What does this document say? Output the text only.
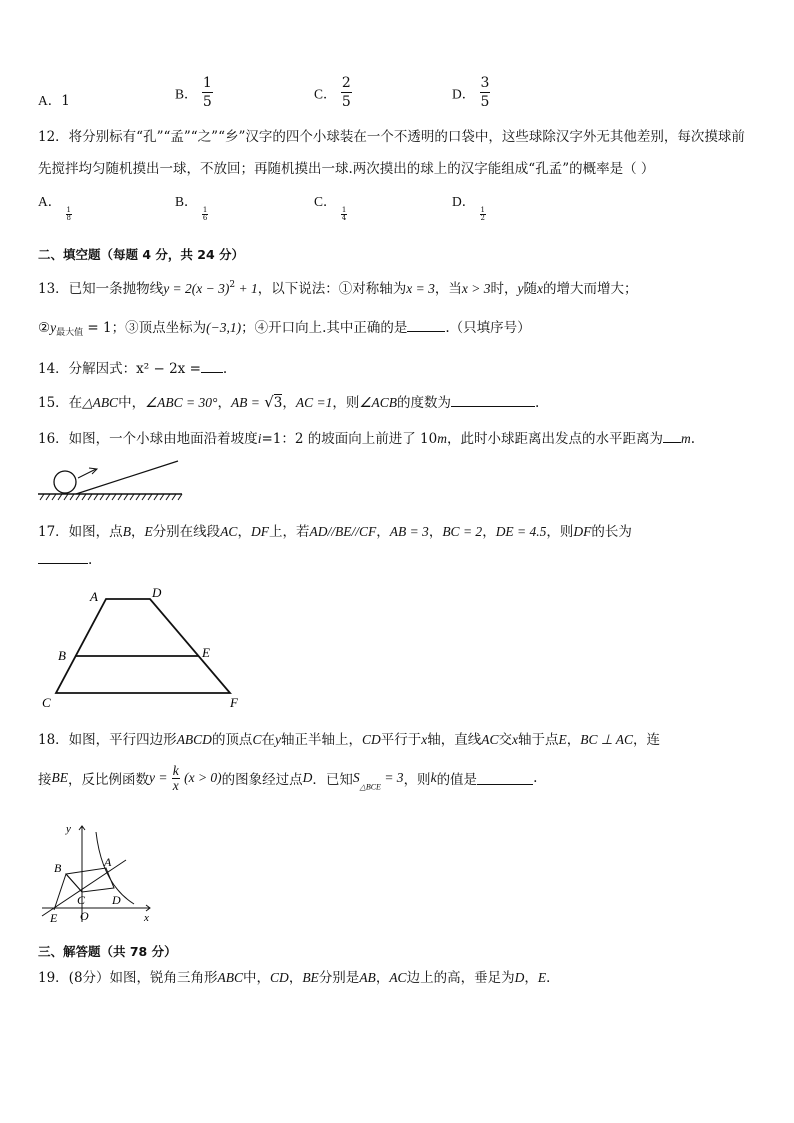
A．1	B． $\frac{1}{5}$	C． $\frac{2}{5}$	D． $\frac{3}{5}$
12．将分别标有“孔”“孟”“之”“乡”汉字的四个小球装在一个不透明的口袋中，这些球除汉字外无其他差别，每次摸球前
先搅拌均匀随机摸出一球，不放回；再随机摸出一球.两次摸出的球上的汉字能组成“孔孟”的概率是（ ）
A．
$\frac{1}{8}$
B．
$\frac{1}{6}$
C．
$\frac{1}{4}$
D．
$\frac{1}{2}$
二、填空题（每题 4 分，共 24 分）
13．已知一条抛物线$y = 2(x - 3)^2 + 1$，以下说法：①对称轴为x = 3，当x > 3时，y随x的增大而增大；
$②y_{最大值} = 1$；③顶点坐标为(−3,1)；④开口向上.其中正确的是	.（只填序号）
14．分解因式：x² − 2x = .
15．在△ABC中，∠ABC = 30°，AB = √3，AC =1，则∠ACB的度数为	.
16．如图，一个小球由地面沿着坡度i=1：2 的坡面向上前进了 10m，此时小球距离出发点的水平距离为 m.
17．如图，点B，E分别在线段AC，DF上，若AD//BE//CF，AB = 3，BC = 2，DE = 4.5，则DF的长为
.
A	D
B	E
C	F
18．如图，平行四边形ABCD的顶点C在y轴正半轴上，CD平行于x轴，直线AC交x轴于点E，BC ⊥ AC，连
接BE，反比例函数$y = \frac{k}{x} (x > 0)$的图象经过点D．已知$S_{\triangle BCE} = 3$，则k的值是	.
y
x
B	A
C D
E O
三、解答题（共 78 分）
19．(8分）如图，锐角三角形ABC中，CD，BE分别是AB，AC边上的高，垂足为D，E．
